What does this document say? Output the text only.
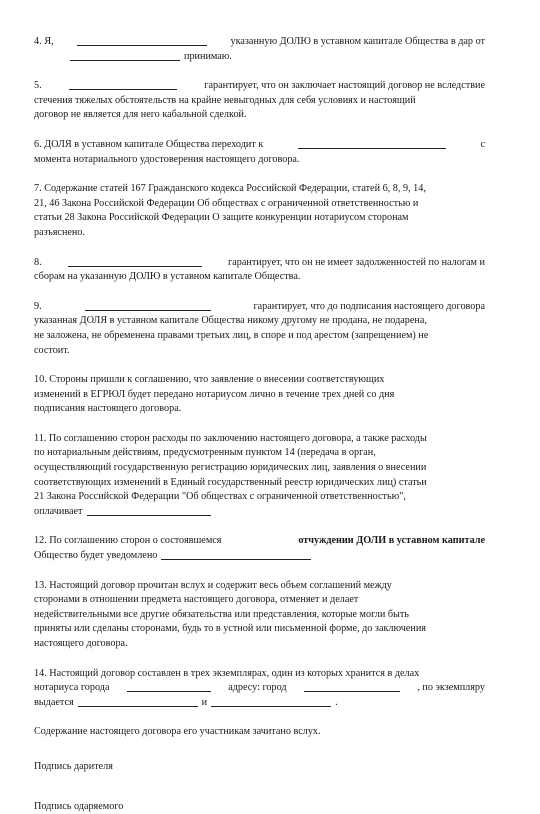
4. Я,	указанную ДОЛЮ в уставном капитале Общества в дар от
принимаю.
5.	гарантирует, что он заключает настоящий договор не вследствие
стечения тяжелых обстоятельств на крайне невыгодных для себя условиях и настоящий
договор не является для него кабальной сделкой.
6. ДОЛЯ в уставном капитале Общества переходит к	с
момента нотариального удостоверения настоящего договора.
7. Содержание статей 167 Гражданского кодекса Российской Федерации, статей 6, 8, 9, 14,
21, 46 Закона Российской Федерации Об обществах с ограниченной ответственностью и
статьи 28 Закона Российской Федерации О защите конкуренции нотариусом сторонам
разъяснено.
8.	гарантирует, что он не имеет задолженностей по налогам и
сборам на указанную ДОЛЮ в уставном капитале Общества.
9.	гарантирует, что до подписания настоящего договора
указанная ДОЛЯ в уставном капитале Общества никому другому не продана, не подарена,
не заложена, не обременена правами третьих лиц, в споре и под арестом (запрещением) не
состоит.
10. Стороны пришли к соглашению, что заявление о внесении соответствующих
изменений в ЕГРЮЛ будет передано нотариусом лично в течение трех дней со дня
подписания настоящего договора.
11. По соглашению сторон расходы по заключению настоящего договора, а также расходы
по нотариальным действиям, предусмотренным пунктом 14 (передача в орган,
осуществляющий государственную регистрацию юридических лиц, заявления о внесении
соответствующих изменений в Единый государственный реестр юридических лиц) статьи
21 Закона Российской Федерации "Об обществах с ограниченной ответственностью",
оплачивает
12. По соглашению сторон о состоявшемся	отчуждении ДОЛИ в уставном капитале
Общество будет уведомлено
13. Настоящий договор прочитан вслух и содержит весь объем соглашений между
сторонами в отношении предмета настоящего договора, отменяет и делает
недействительными все другие обязательства или представления, которые могли быть
приняты или сделаны сторонами, будь то в устной или письменной форме, до заключения
настоящего договора.
14. Настоящий договор составлен в трех экземплярах, один из которых хранится в делах
нотариуса города	адресу: город	, по экземпляру
выдается	и	.
Содержание настоящего договора его участникам зачитано вслух.
Подпись дарителя
Подпись одаряемого
